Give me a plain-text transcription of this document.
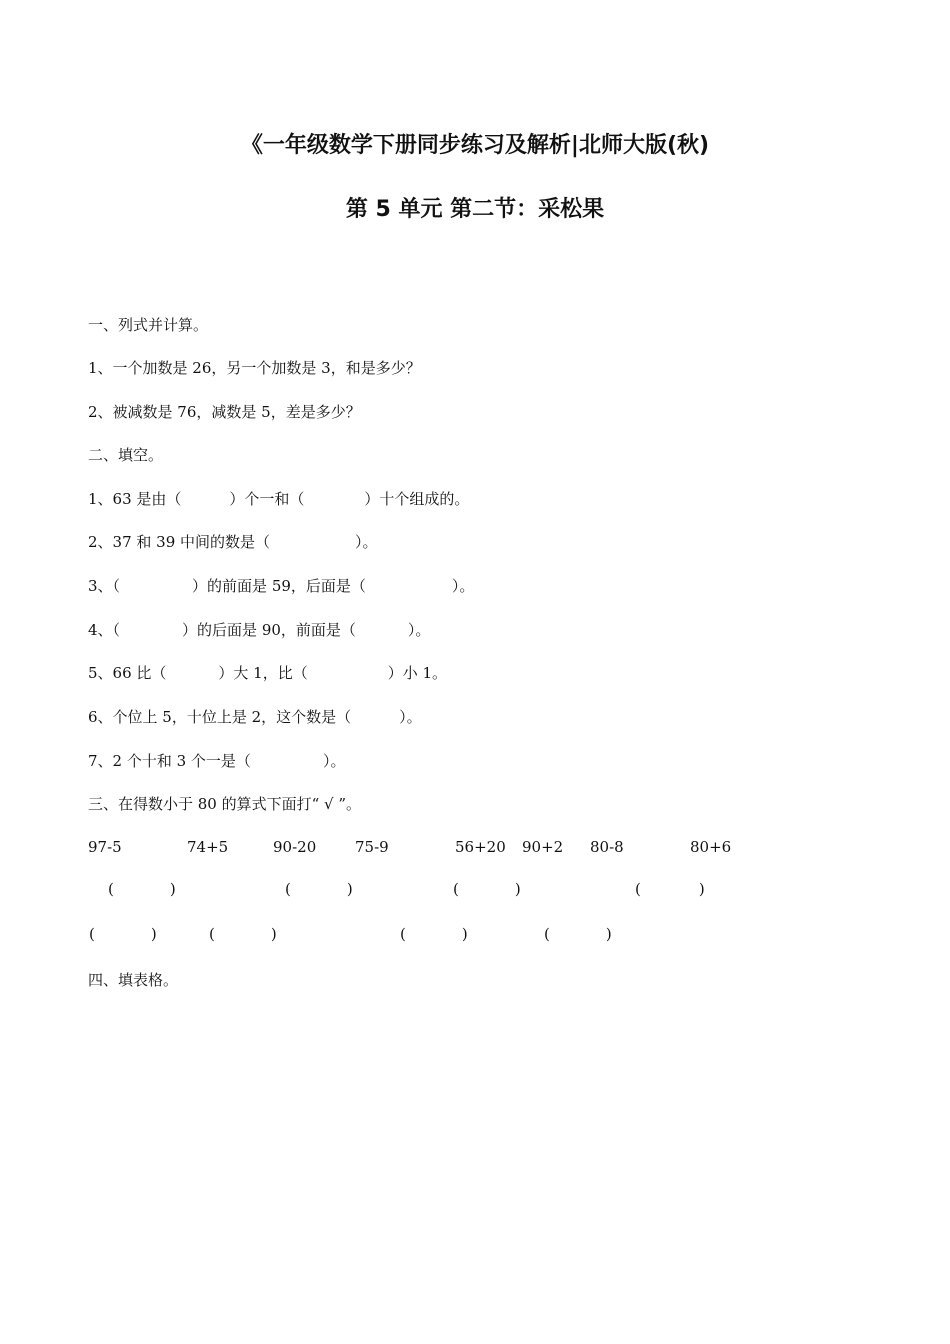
《一年级数学下册同步练习及解析|北师大版(秋)
第 5 单元 第二节：采松果
一、列式并计算。
1、一个加数是 26，另一个加数是 3，和是多少？
2、被减数是 76，减数是 5，差是多少？
二、填空。
1、63 是由（	）个一和（	）十个组成的。
2、37 和 39 中间的数是（	）。
3、（	）的前面是 59，后面是（	）。
4、（	）的后面是 90，前面是（	）。
5、66 比（	）大 1，比（	）小 1。
6、个位上 5，十位上是 2，这个数是（	）。
7、2 个十和 3 个一是（	）。
三、在得数小于 80 的算式下面打“ √ ”。
97-5	74+5	90-20	75-9	56+20 90+2 80-8	80+6
(	)	(	)	(	)	(	)
(	)	(	)	(	)	(	)
四、填表格。
